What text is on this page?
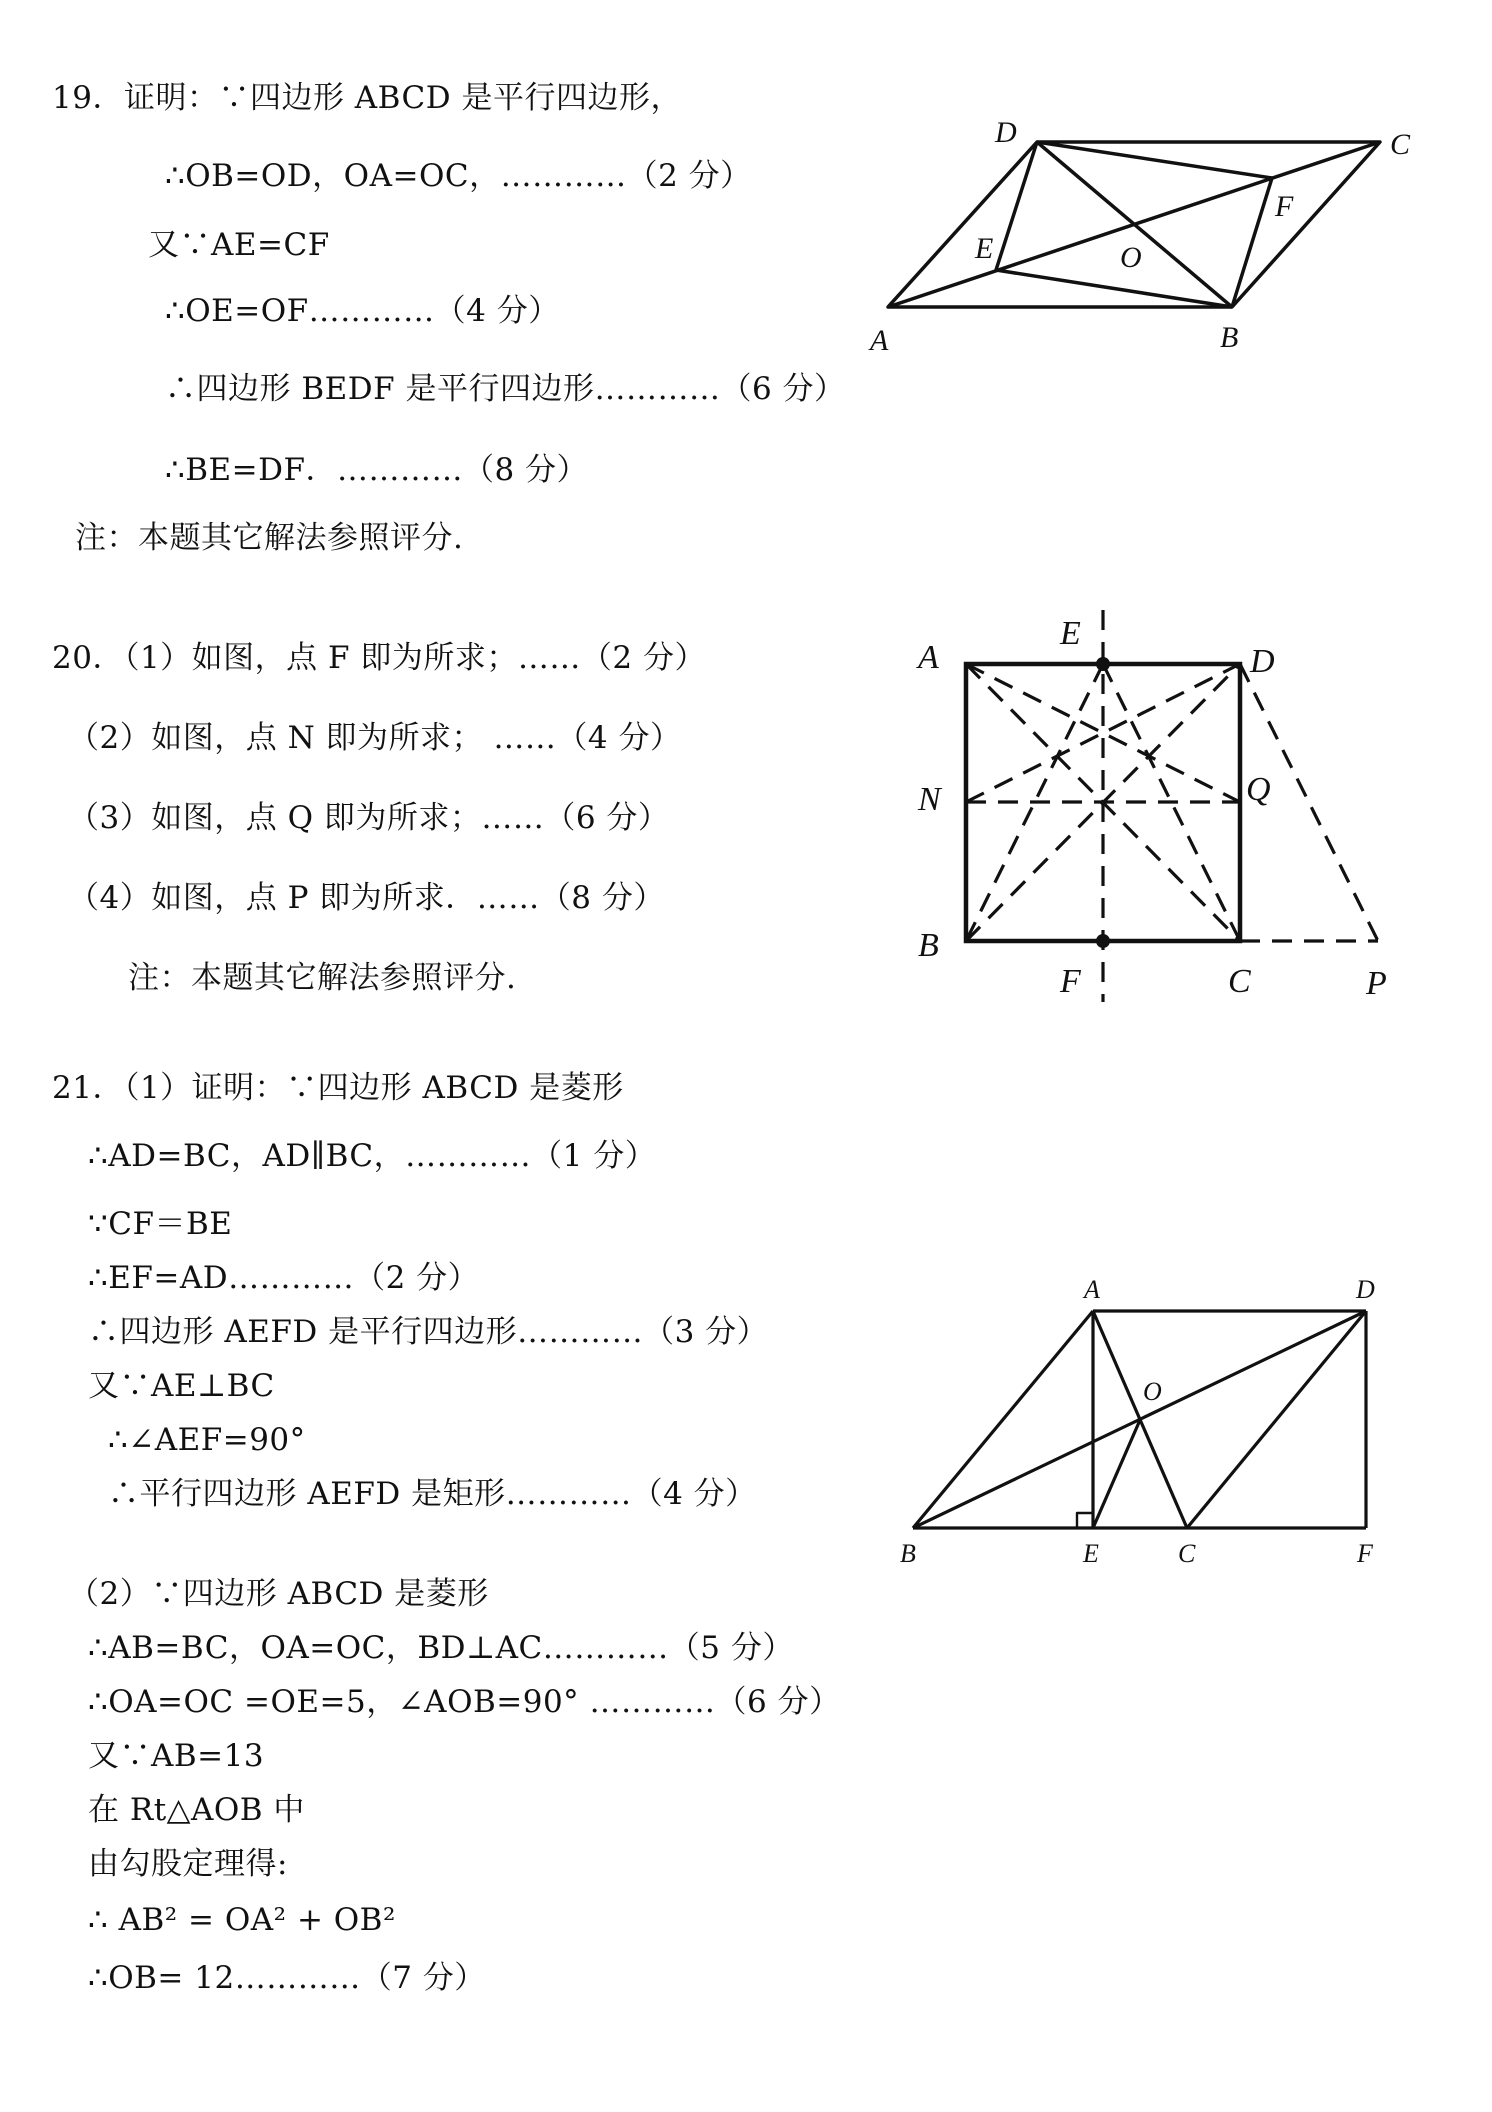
19．证明：∵四边形 ABCD 是平行四边形，
∴OB=OD，OA=OC，…………（2 分）
又∵AE=CF
∴OE=OF…………（4 分）
∴四边形 BEDF 是平行四边形…………（6 分）
∴BE=DF．…………（8 分）
注：本题其它解法参照评分.
D	C
A	B
E
F
O
20．（1）如图，点 F 即为所求；……（2 分）
（2）如图，点 N 即为所求； ……（4 分）
（3）如图，点 Q 即为所求；……（6 分）
（4）如图，点 P 即为所求．……（8 分）
注：本题其它解法参照评分.
A
E
D
N	Q
B
F	C	P
21．（1）证明：∵四边形 ABCD 是菱形
∴AD=BC，AD∥BC，…………（1 分）
∵CF＝BE
∴EF=AD…………（2 分）
∴四边形 AEFD 是平行四边形…………（3 分）
又∵AE⊥BC
∴∠AEF=90°
∴平行四边形 AEFD 是矩形…………（4 分）
（2）∵四边形 ABCD 是菱形
∴AB=BC，OA=OC，BD⊥AC…………（5 分）
∴OA=OC =OE=5，∠AOB=90° …………（6 分）
又∵AB=13
在 Rt△AOB 中
由勾股定理得:
∴ AB² = OA² + OB²
∴OB= 12…………（7 分）
A	D
O
B	E	C	F
